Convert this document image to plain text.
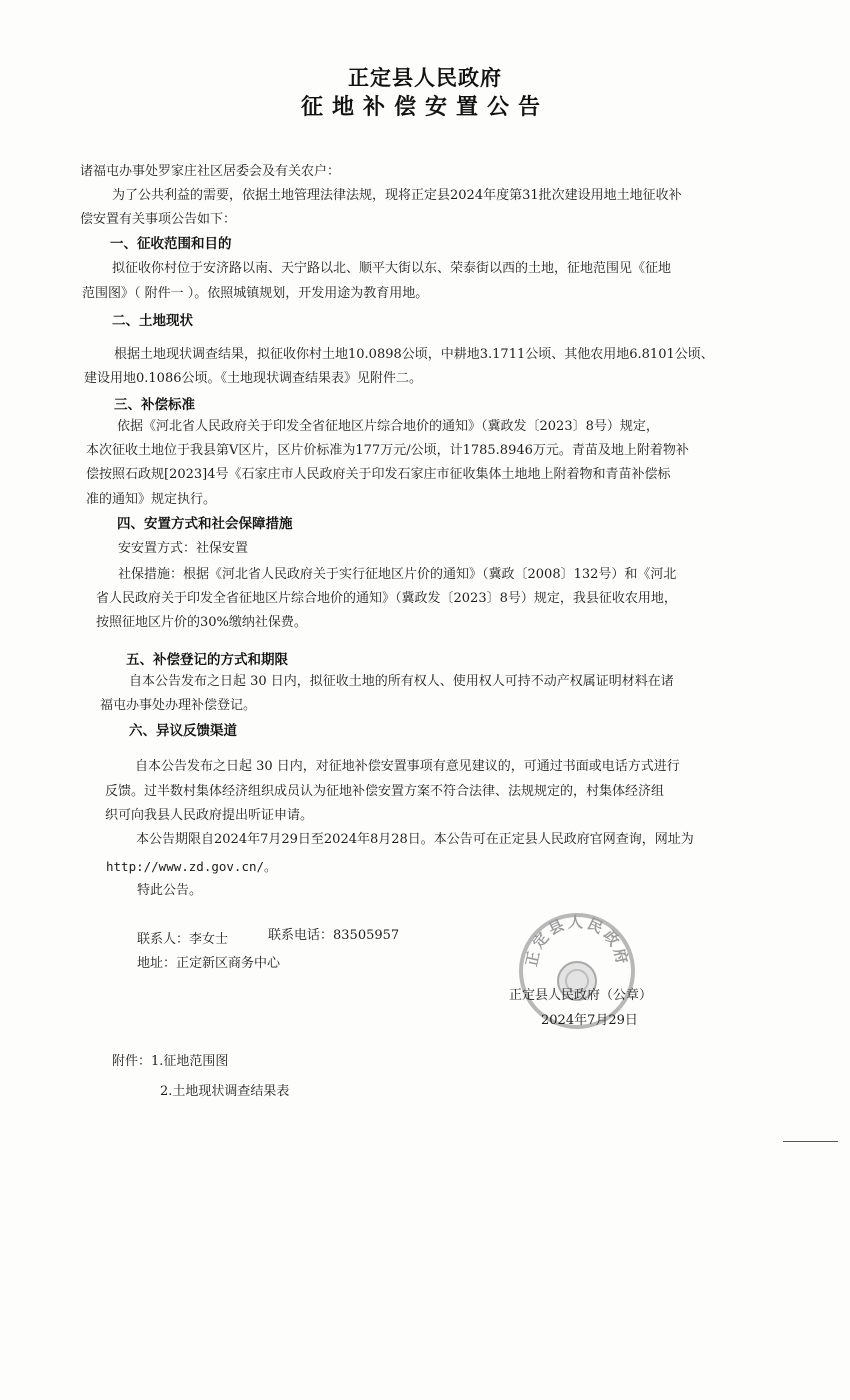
正定县人民政府
征地补偿安置公告
诸福屯办事处罗家庄社区居委会及有关农户：
为了公共利益的需要，依据土地管理法律法规，现将正定县2024年度第31批次建设用地土地征收补
偿安置有关事项公告如下：
一、征收范围和目的
拟征收你村位于安济路以南、天宁路以北、顺平大街以东、荣泰街以西的土地，征地范围见《征地
范围图》（ 附件一 ）。依照城镇规划，开发用途为教育用地。
二、土地现状
根据土地现状调查结果，拟征收你村土地10.0898公顷，中耕地3.1711公顷、其他农用地6.8101公顷、
建设用地0.1086公顷。《土地现状调查结果表》见附件二。
三、补偿标准
依据《河北省人民政府关于印发全省征地区片综合地价的通知》（冀政发〔2023〕8号）规定，
本次征收土地位于我县第Ⅴ区片，区片价标准为177万元/公顷，计1785.8946万元。青苗及地上附着物补
偿按照石政规[2023]4号《石家庄市人民政府关于印发石家庄市征收集体土地地上附着物和青苗补偿标
准的通知》规定执行。
四、安置方式和社会保障措施
安安置方式：社保安置
社保措施：根据《河北省人民政府关于实行征地区片价的通知》（冀政〔2008〕132号）和《河北
省人民政府关于印发全省征地区片综合地价的通知》（冀政发〔2023〕8号）规定，我县征收农用地，
按照征地区片价的30%缴纳社保费。
五、补偿登记的方式和期限
自本公告发布之日起 30 日内，拟征收土地的所有权人、使用权人可持不动产权属证明材料在诸
福屯办事处办理补偿登记。
六、异议反馈渠道
自本公告发布之日起 30 日内，对征地补偿安置事项有意见建议的，可通过书面或电话方式进行
反馈。过半数村集体经济组织成员认为征地补偿安置方案不符合法律、法规规定的，村集体经济组
织可向我县人民政府提出听证申请。
本公告期限自2024年7月29日至2024年8月28日。本公告可在正定县人民政府官网查询，网址为
http://www.zd.gov.cn/。
特此公告。
联系人：李女士	联系电话：83505957
地址：正定新区商务中心	正定县人民政府
正定县人民政府（公章）
2024年7月29日
附件：1.征地范围图
2.土地现状调查结果表
